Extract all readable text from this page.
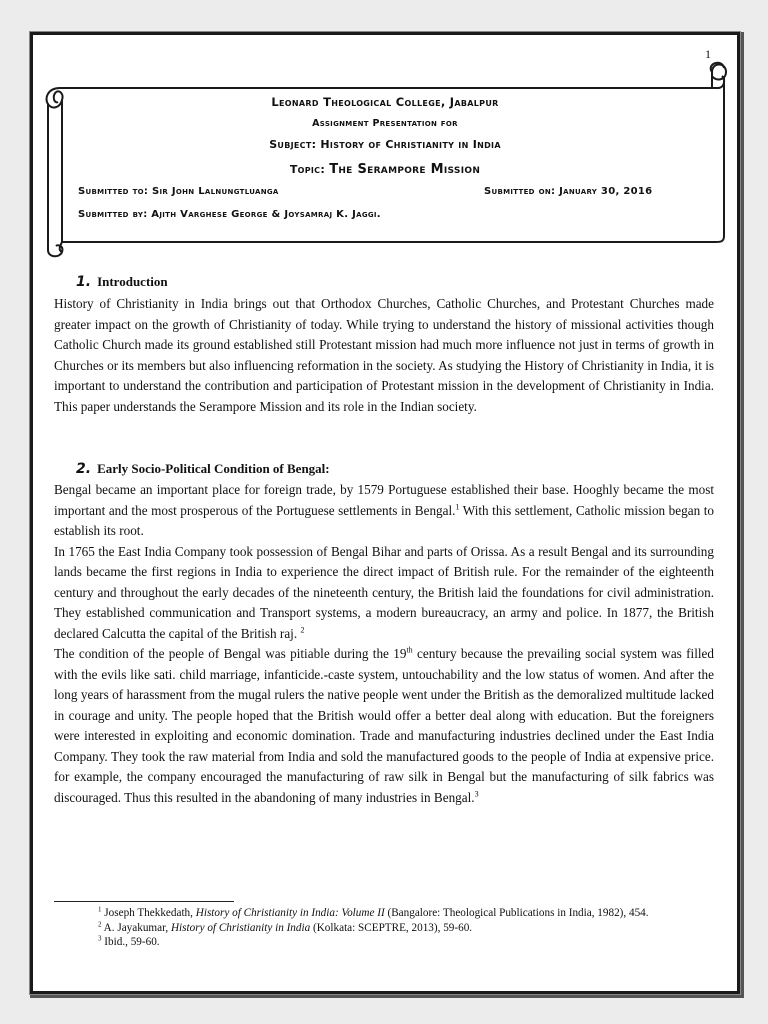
1
Leonard Theological College, Jabalpur
Assignment Presentation for
Subject: History of Christianity in India
Topic: The Serampore Mission
Submitted to: Sir John Lalnungtluanga	Submitted on: January 30, 2016
Submitted by: Ajith Varghese George & Joysamraj K. Jaggi.
1. Introduction

History of Christianity in India brings out that Orthodox Churches, Catholic Churches, and Protestant Churches made greater impact on the growth of Christianity of today. While trying to understand the history of missional activities though Catholic Church made its ground established still Protestant mission had much more influence not just in terms of growth in Churches or its members but also influencing reformation in the society. As studying the History of Christianity in India, it is important to understand the contribution and participation of Protestant mission in the development of Christianity in India. This paper understands the Serampore Mission and its role in the Indian society.

2. Early Socio-Political Condition of Bengal:

Bengal became an important place for foreign trade, by 1579 Portuguese established their base. Hooghly became the most important and the most prosperous of the Portuguese settlements in Bengal.$^1$ With this settlement, Catholic mission began to establish its root.

In 1765 the East India Company took possession of Bengal Bihar and parts of Orissa. As a result Bengal and its surrounding lands became the first regions in India to experience the direct impact of British rule. For the remainder of the eighteenth century and throughout the early decades of the nineteenth century, the British laid the foundations for civil administration. They established communication and Transport systems, a modern bureaucracy, an army and police. In 1877, the British declared Calcutta the capital of the British raj. $^2$

The condition of the people of Bengal was pitiable during the 19th century because the prevailing social system was filled with the evils like sati. child marriage, infanticide.-caste system, untouchability and the low status of women. And after the long years of harassment from the mugal rulers the native people went under the British as the demoralized multitude lacked in courage and unity. The people hoped that the British would offer a better deal along with education. But the foreigners were interested in exploiting and economic domination. Trade and manufacturing industries declined under the East India Company. They took the raw material from India and sold the manufactured goods to the people of India at expensive price. for example, the company encouraged the manufacturing of raw silk in Bengal but the manufacturing of silk fabrics was discouraged. Thus this resulted in the abandoning of many industries in Bengal.$^3$

$^1$ Joseph Thekkedath, History of Christianity in India: Volume II (Bangalore: Theological Publications in India, 1982), 454.

$^2$ A. Jayakumar, History of Christianity in India (Kolkata: SCEPTRE, 2013), 59-60.

$^3$ Ibid., 59-60.
